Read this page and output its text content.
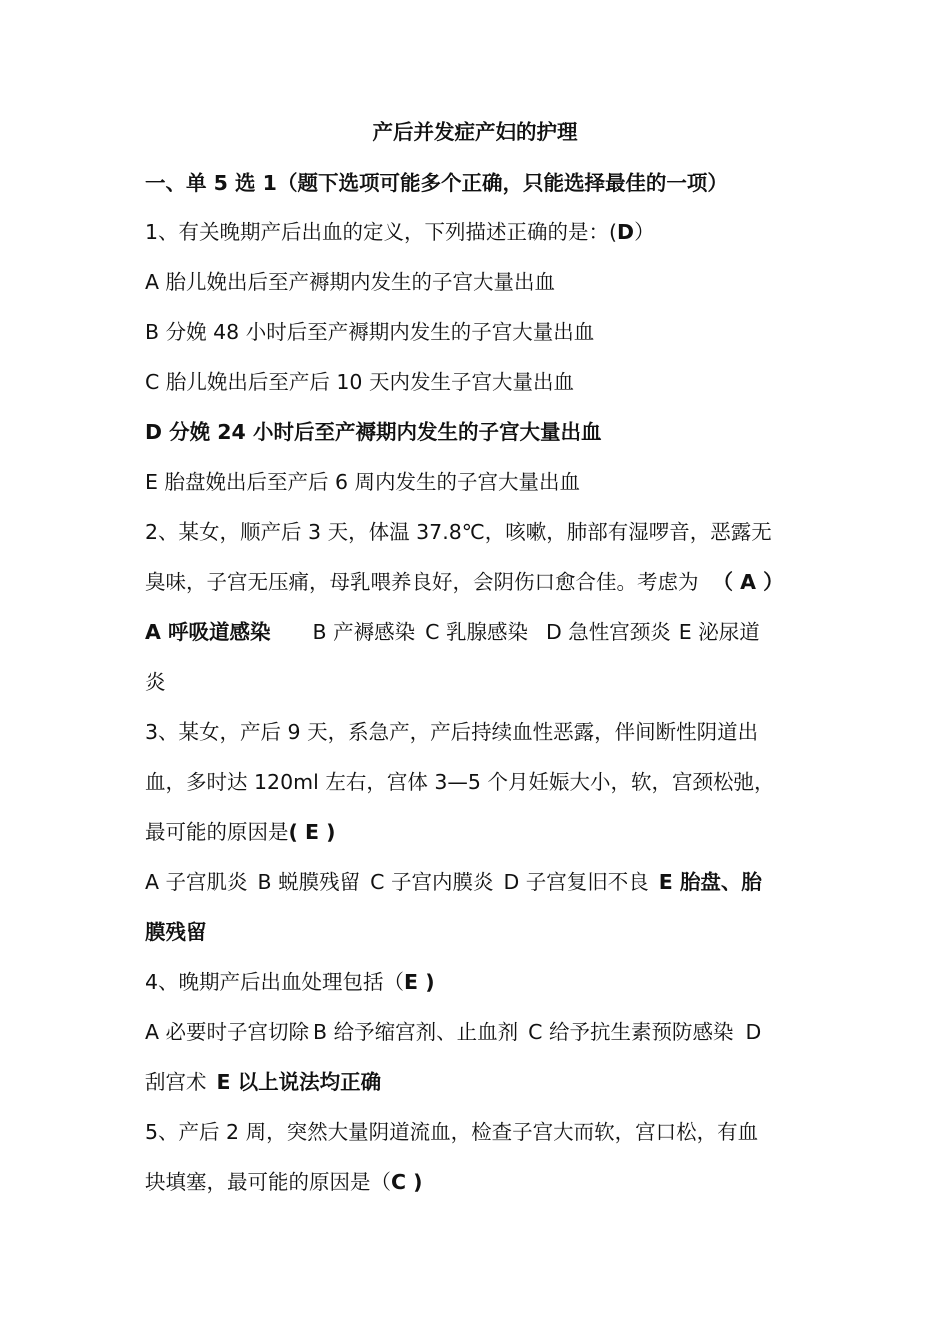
产后并发症产妇的护理
一、单 5 选 1（题下选项可能多个正确，只能选择最佳的一项）
1、有关晚期产后出血的定义，下列描述正确的是：(D）
A 胎儿娩出后至产褥期内发生的子宫大量出血
B 分娩 48 小时后至产褥期内发生的子宫大量出血
C 胎儿娩出后至产后 10 天内发生子宫大量出血
D 分娩 24 小时后至产褥期内发生的子宫大量出血
E 胎盘娩出后至产后 6 周内发生的子宫大量出血
2、某女，顺产后 3 天，体温 37.8℃，咳嗽，肺部有湿啰音，恶露无
臭味，子宫无压痛，母乳喂养良好，会阴伤口愈合佳。考虑为 （ A ）
A 呼吸道感染 B 产褥感染 C 乳腺感染 D 急性宫颈炎 E 泌尿道
炎
3、某女，产后 9 天，系急产，产后持续血性恶露，伴间断性阴道出
血，多时达 120ml 左右，宫体 3—5 个月妊娠大小，软，宫颈松弛，
最可能的原因是( E )
A 子宫肌炎 B 蜕膜残留 C 子宫内膜炎 D 子宫复旧不良 E 胎盘、胎
膜残留
4、晚期产后出血处理包括（E )
A 必要时子宫切除 B 给予缩宫剂、止血剂 C 给予抗生素预防感染 D
刮宫术 E 以上说法均正确
5、产后 2 周，突然大量阴道流血，检查子宫大而软，宫口松，有血
块填塞，最可能的原因是（C )
